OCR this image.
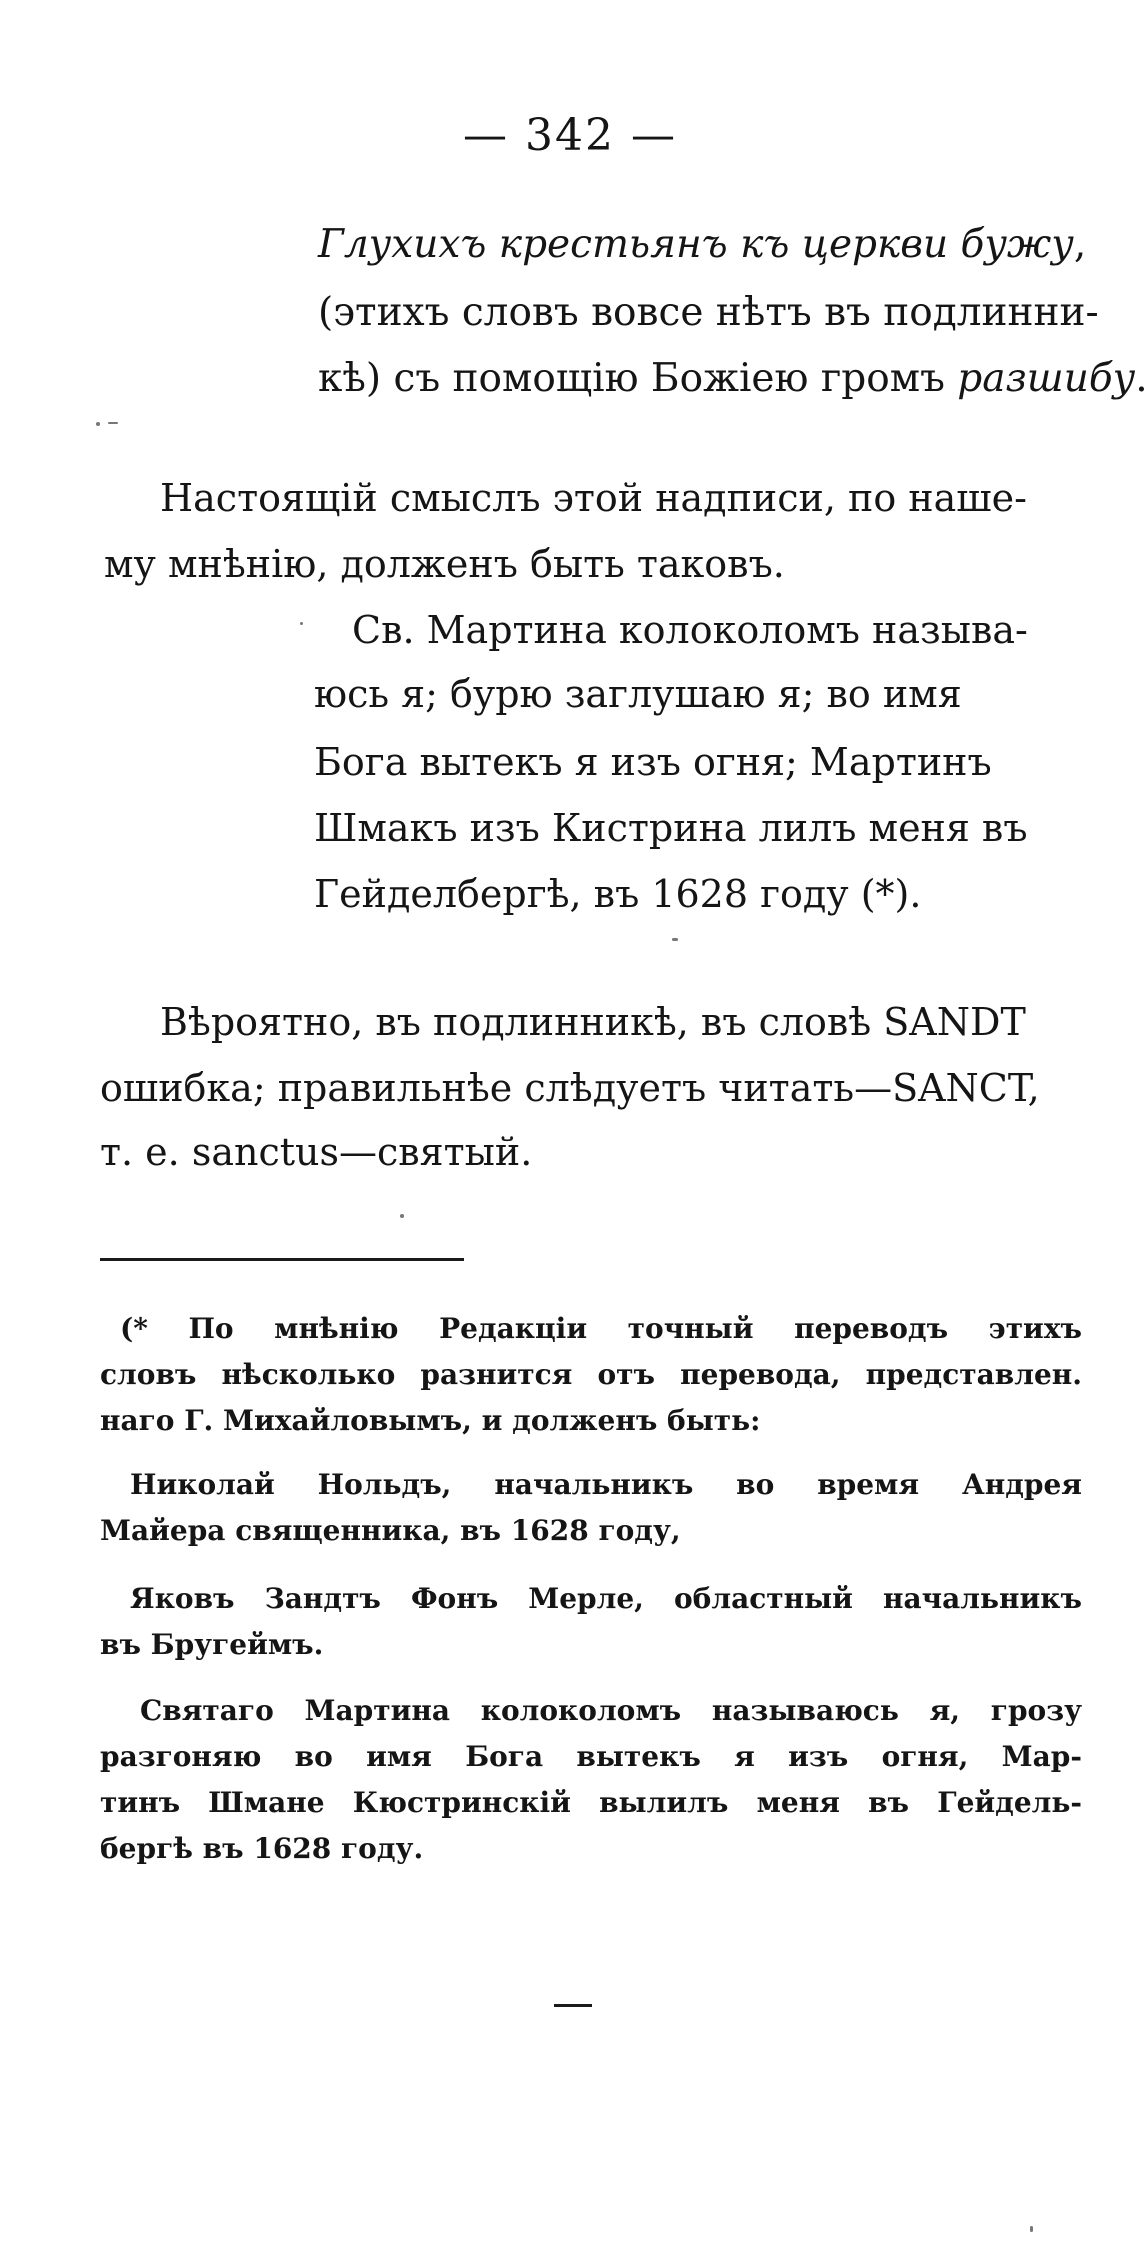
— 342 —
Глухихъ крестьянъ къ церкви бужу,
(этихъ словъ вовсе нѣтъ въ подлинни-
кѣ) съ помощію Божіею громъ разшибу.
Настоящій смыслъ этой надписи, по наше-
му мнѣнію, долженъ быть таковъ.
Св. Мартина колоколомъ называ-
юсь я; бурю заглушаю я; во имя
Бога вытекъ я изъ огня; Мартинъ
Шмакъ изъ Кистрина лилъ меня въ
Гейделбергѣ, въ 1628 году (*).
Вѣроятно, въ подлинникѣ, въ словѣ SANDT
ошибка; правильнѣе слѣдуетъ читать—SANCT,
т. е. sanctus—святый.
(* По мнѣнію Редакціи точный переводъ этихъ
словъ нѣсколько разнится отъ перевода, представлен.
наго Г. Михайловымъ, и долженъ быть:
Николай Нольдъ, начальникъ во время Андрея
Майера священника, въ 1628 году,
Яковъ Зандтъ Фонъ Мерле, областный начальникъ
въ Бругеймъ.
Святаго Мартина колоколомъ называюсь я, грозу
разгоняю во имя Бога вытекъ я изъ огня, Мар-
тинъ Шмане Кюстринскій вылилъ меня въ Гейдель-
бергѣ въ 1628 году.
